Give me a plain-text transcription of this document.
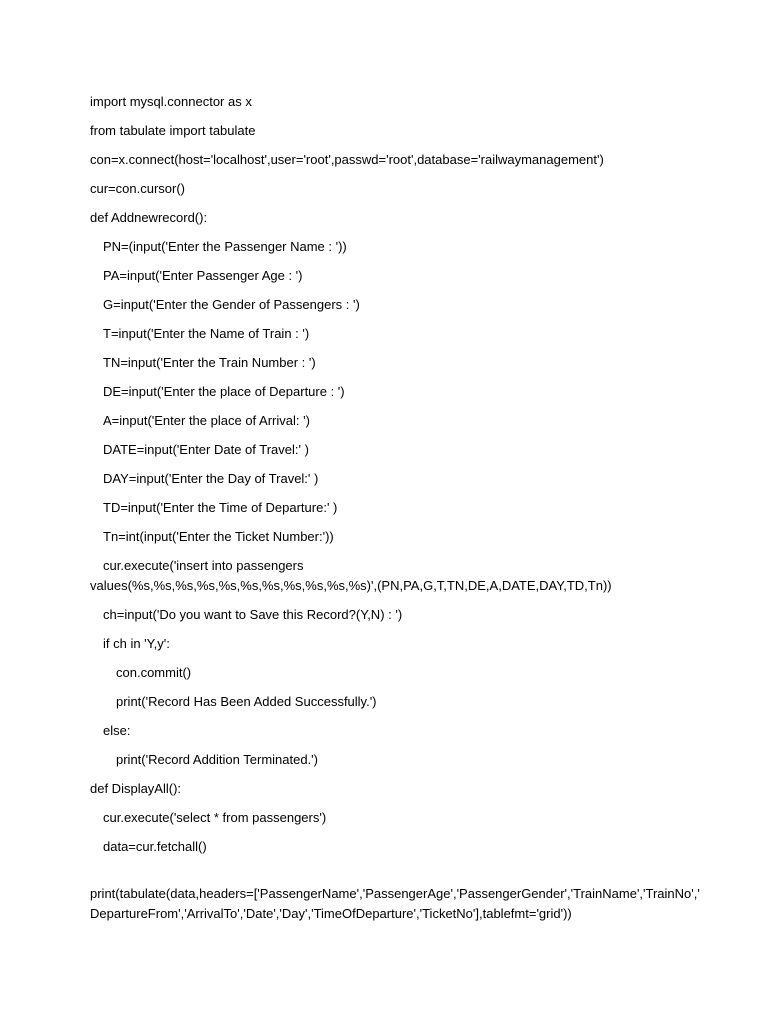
import mysql.connector as x

from tabulate import tabulate

con=x.connect(host='localhost',user='root',passwd='root',database='railwaymanagement')

cur=con.cursor()

def Addnewrecord():

PN=(input('Enter the Passenger Name : '))

PA=input('Enter Passenger Age : ')

G=input('Enter the Gender of Passengers : ')

T=input('Enter the Name of Train : ')

TN=input('Enter the Train Number : ')

DE=input('Enter the place of Departure : ')

A=input('Enter the place of Arrival: ')

DATE=input('Enter Date of Travel:' )

DAY=input('Enter the Day of Travel:' )

TD=input('Enter the Time of Departure:' )

Tn=int(input('Enter the Ticket Number:'))

cur.execute('insert into passengers

values(%s,%s,%s,%s,%s,%s,%s,%s,%s,%s,%s)',(PN,PA,G,T,TN,DE,A,DATE,DAY,TD,Tn))

ch=input('Do you want to Save this Record?(Y,N) : ')

if ch in 'Y,y':

con.commit()

print('Record Has Been Added Successfully.')

else:

print('Record Addition Terminated.')

def DisplayAll():

cur.execute('select * from passengers')

data=cur.fetchall()

print(tabulate(data,headers=['PassengerName','PassengerAge','PassengerGender','TrainName','TrainNo','

DepartureFrom','ArrivalTo','Date','Day','TimeOfDeparture','TicketNo'],tablefmt='grid'))
